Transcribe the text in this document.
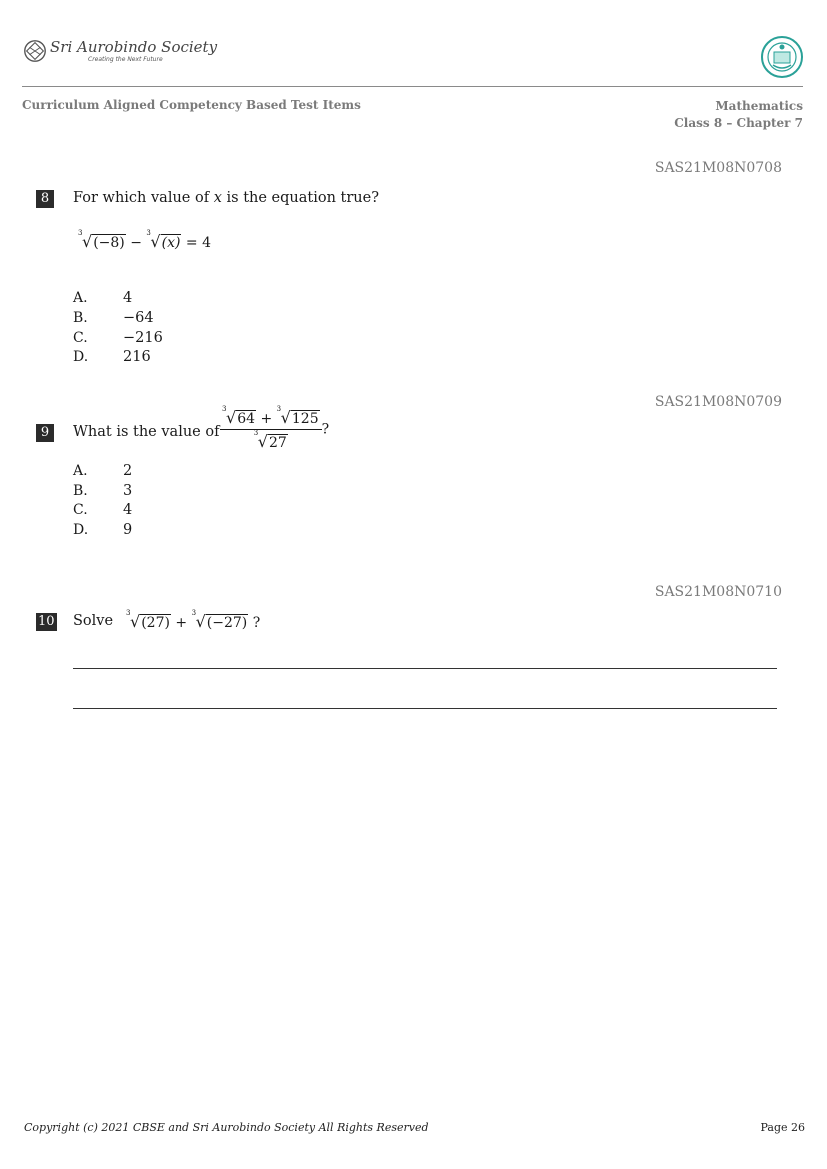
Sri Aurobindo Society
Creating the Next Future
Curriculum Aligned Competency Based Test Items	Mathematics
Class 8 – Chapter 7
SAS21M08N0708
8	For which value of x is the equation true?
3 √(−8) −
3 √(x) = 4
A. 4
B. −64
C. −216
D. 216
SAS21M08N0709
9	What is the value of 3 √64 +
3 √125
3 √27 ?
A. 2
B. 3
C. 4
D. 9
SAS21M08N0710
10 Solve 3 √(27) +
3 √(−27) ?
Copyright (c) 2021 CBSE and Sri Aurobindo Society All Rights Reserved	Page 26
